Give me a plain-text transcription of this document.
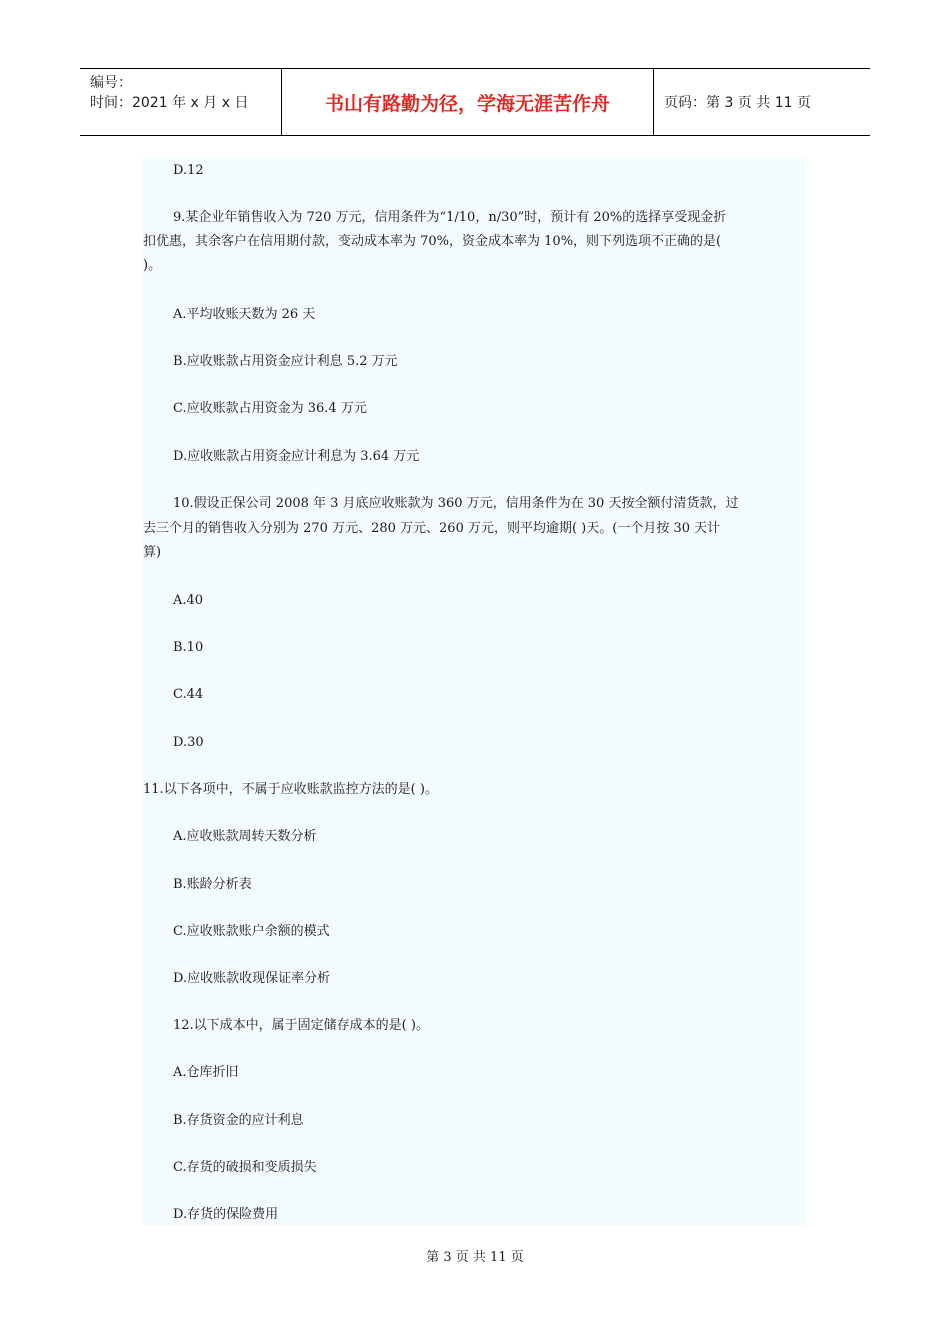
编号：
时间：2021 年 x 月 x 日	书山有路勤为径，学海无涯苦作舟	页码：第 3 页 共 11 页
D.12
9.某企业年销售收入为 720 万元，信用条件为“1/10，n/30”时，预计有 20%的选择享受现金折
扣优惠，其余客户在信用期付款，变动成本率为 70%，资金成本率为 10%，则下列选项不正确的是(
)。
A.平均收账天数为 26 天
B.应收账款占用资金应计利息 5.2 万元
C.应收账款占用资金为 36.4 万元
D.应收账款占用资金应计利息为 3.64 万元
10.假设正保公司 2008 年 3 月底应收账款为 360 万元，信用条件为在 30 天按全额付清货款，过
去三个月的销售收入分别为 270 万元、280 万元、260 万元，则平均逾期( )天。(一个月按 30 天计
算)
A.40
B.10
C.44
D.30
11.以下各项中，不属于应收账款监控方法的是( )。
A.应收账款周转天数分析
B.账龄分析表
C.应收账款账户余额的模式
D.应收账款收现保证率分析
12.以下成本中，属于固定储存成本的是( )。
A.仓库折旧
B.存货资金的应计利息
C.存货的破损和变质损失
D.存货的保险费用
第 3 页 共 11 页
